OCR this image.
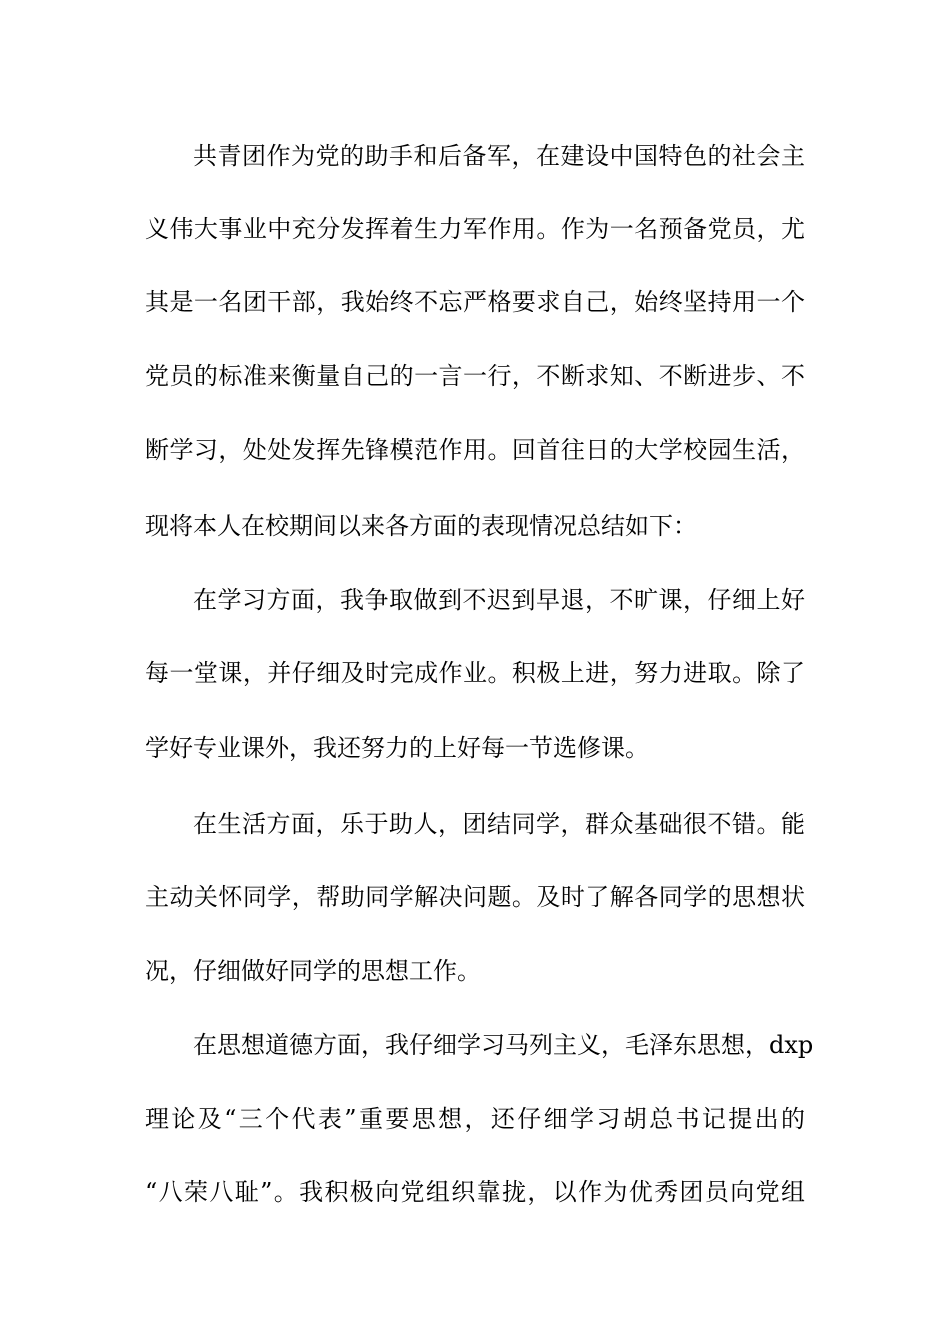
共青团作为党的助手和后备军，在建设中国特色的社会主
义伟大事业中充分发挥着生力军作用。作为一名预备党员，尤
其是一名团干部，我始终不忘严格要求自己，始终坚持用一个
党员的标准来衡量自己的一言一行，不断求知、不断进步、不
断学习，处处发挥先锋模范作用。回首往日的大学校园生活，
现将本人在校期间以来各方面的表现情况总结如下：
在学习方面，我争取做到不迟到早退，不旷课，仔细上好
每一堂课，并仔细及时完成作业。积极上进，努力进取。除了
学好专业课外，我还努力的上好每一节选修课。
在生活方面，乐于助人，团结同学，群众基础很不错。能
主动关怀同学，帮助同学解决问题。及时了解各同学的思想状
况，仔细做好同学的思想工作。
在思想道德方面，我仔细学习马列主义，毛泽东思想，dxp
理论及“三个代表”重要思想，还仔细学习胡总书记提出的
“八荣八耻”。我积极向党组织靠拢，以作为优秀团员向党组
